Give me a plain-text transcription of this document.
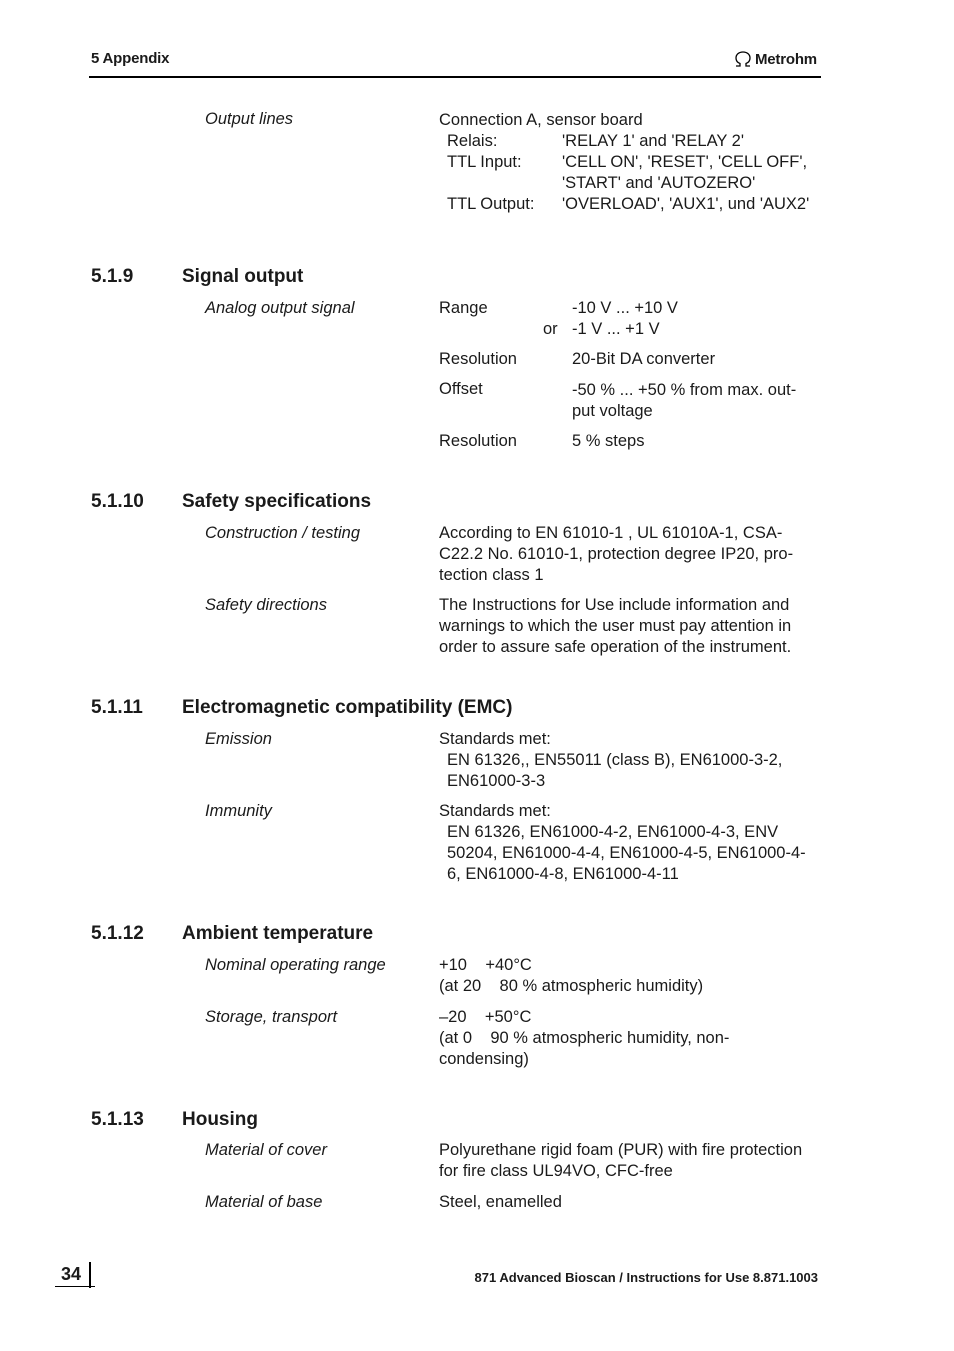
5 Appendix	Metrohm
Output lines	Connection A, sensor board
Relais:	'RELAY 1' and 'RELAY 2'
TTL Input: 'CELL ON', 'RESET', 'CELL OFF',
'START' and 'AUTOZERO'
TTL Output: 'OVERLOAD', 'AUX1', und 'AUX2'
5.1.9	Signal output
Analog output signal	Range	-10 V ... +10 V
or -1 V ... +1 V
Resolution	20-Bit DA converter
Offset	-50 % ... +50 % from max. out-
put voltage
Resolution	5 % steps
5.1.10 Safety specifications
Construction / testing	According to EN 61010-1 , UL 61010A-1, CSA-
C22.2 No. 61010-1, protection degree IP20, pro-
tection class 1
Safety directions	The Instructions for Use include information and
warnings to which the user must pay attention in
order to assure safe operation of the instrument.
5.1.11 Electromagnetic compatibility (EMC)
Emission	Standards met:
EN 61326,, EN55011 (class B), EN61000-3-2,
EN61000-3-3
Immunity	Standards met:
EN 61326, EN61000-4-2, EN61000-4-3, ENV
50204, EN61000-4-4, EN61000-4-5, EN61000-4-
6, EN61000-4-8, EN61000-4-11
5.1.12 Ambient temperature
Nominal operating range	+10    +40°C
(at 20    80 % atmospheric humidity)
Storage, transport	–20    +50°C
(at 0    90 % atmospheric humidity, non-
condensing)
5.1.13 Housing
Material of cover	Polyurethane rigid foam (PUR) with fire protection
for fire class UL94VO, CFC-free
Material of base	Steel, enamelled
34	871 Advanced Bioscan / Instructions for Use 8.871.1003
